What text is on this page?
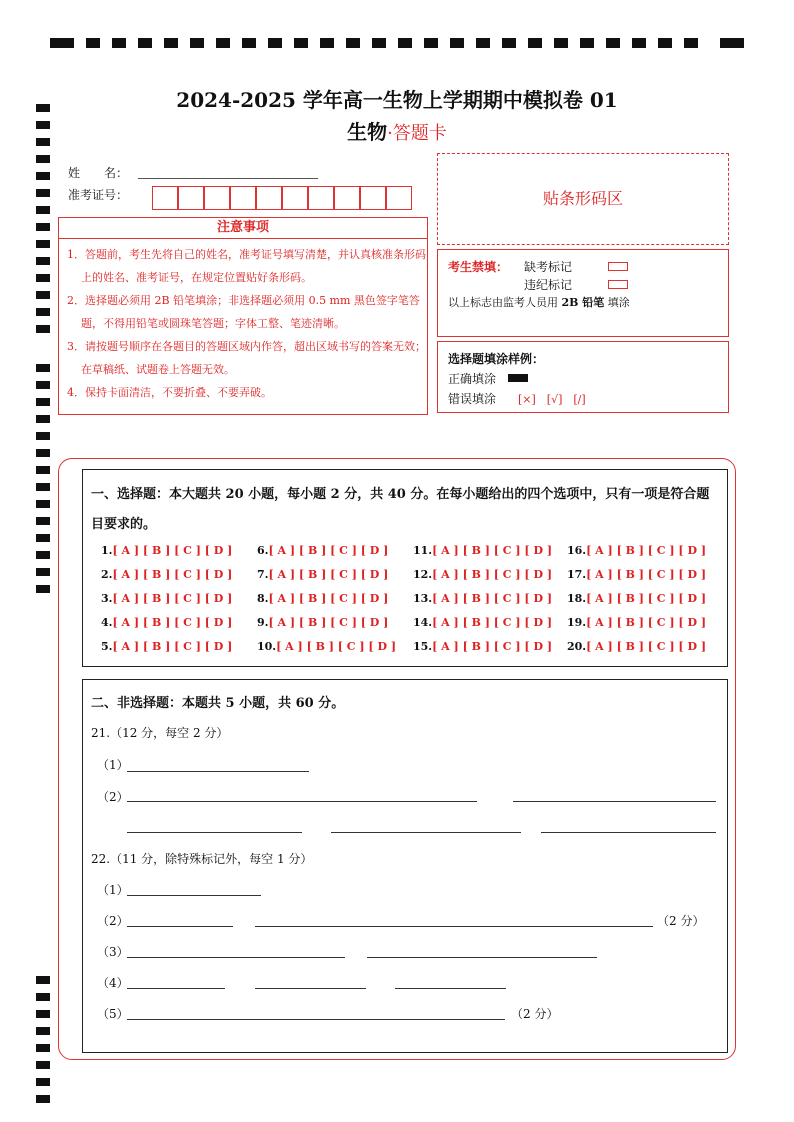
2024-2025 学年高一生物上学期期中模拟卷 01
生物·答题卡
姓　　名：
准考证号：	贴条形码区
注意事项

1．答题前，考生先将自己的姓名，准考证号填写清楚，并认真核准条形码上的姓名、准考证号，在规定位置贴好条形码。

2．选择题必须用 2B 铅笔填涂；非选择题必须用 0.5 mm 黑色签字笔答题，不得用铅笔或圆珠笔答题；字体工整、笔迹清晰。

3．请按题号顺序在各题目的答题区域内作答，超出区域书写的答案无效；在草稿纸、试题卷上答题无效。

4．保持卡面清洁，不要折叠、不要弄破。

考生禁填： 缺考标记
违纪标记
以上标志由监考人员用 2B 铅笔 填涂
选择题填涂样例：
正确填涂
错误填涂 [×]　[√]　[/]
一、选择题：本大题共 20 小题，每小题 2 分，共 40 分。在每小题给出的四个选项中，只有一项是符合题目要求的。
1.[ A ] [ B ] [ C ] [ D ]
2.[ A ] [ B ] [ C ] [ D ]
3.[ A ] [ B ] [ C ] [ D ]
4.[ A ] [ B ] [ C ] [ D ]
5.[ A ] [ B ] [ C ] [ D ]
6.[ A ] [ B ] [ C ] [ D ]
7.[ A ] [ B ] [ C ] [ D ]
8.[ A ] [ B ] [ C ] [ D ]
9.[ A ] [ B ] [ C ] [ D ]
10.[ A ] [ B ] [ C ] [ D ]
11.[ A ] [ B ] [ C ] [ D ]
12.[ A ] [ B ] [ C ] [ D ]
13.[ A ] [ B ] [ C ] [ D ]
14.[ A ] [ B ] [ C ] [ D ]
15.[ A ] [ B ] [ C ] [ D ]
16.[ A ] [ B ] [ C ] [ D ]
17.[ A ] [ B ] [ C ] [ D ]
18.[ A ] [ B ] [ C ] [ D ]
19.[ A ] [ B ] [ C ] [ D ]
20.[ A ] [ B ] [ C ] [ D ]
二、非选择题：本题共 5 小题，共 60 分。
21.（12 分，每空 2 分）
（1）
（2）
22.（11 分，除特殊标记外，每空 1 分）
（1）
（2）	（2 分）
（3）
（4）
（5）	（2 分）
